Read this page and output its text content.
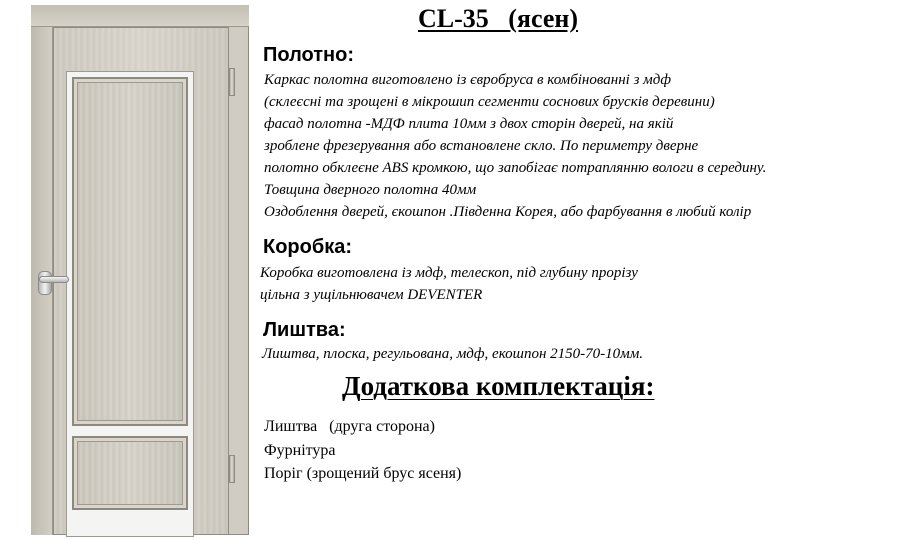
CL-35   (ясен)
Полотно:

Каркас полотна виготовлено із євробруса в комбінованні з мдф

(склеєсні та зрощені в мікрошип сегменти соснових брусків деревини)

фасад полотна -МДФ плита 10мм з двох сторін дверей, на якій

зроблене фрезерування або встановлене скло. По периметру дверне

полотно обклеєне ABS кромкою, що запобігає потраплянню вологи в середину.

Товщина дверного полотна 40мм

Оздоблення дверей, єкошпон .Південна Корея, або фарбування в любий колір

Коробка:

Коробка виготовлена із мдф, телескоп, під глубину прорізу

цільна з ущільнювачем DEVENTER

Лиштва:

Лиштва, плоска, регульована, мдф, екошпон 2150-70-10мм.

Додаткова комплектація:

Лиштва   (друга сторона)

Фурнітура

Поріг (зрощений брус ясеня)
